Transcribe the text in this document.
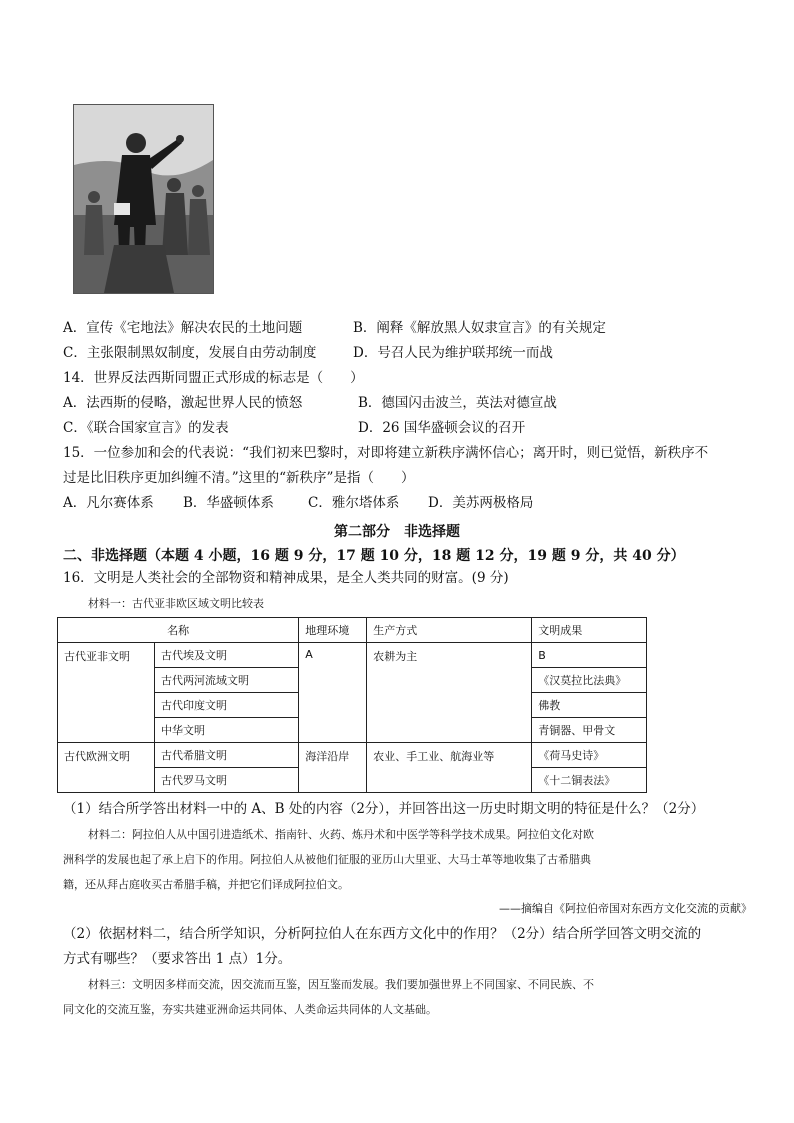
A．宣传《宅地法》解决农民的土地问题	B．阐释《解放黑人奴隶宣言》的有关规定
C．主张限制黑奴制度，发展自由劳动制度	D．号召人民为维护联邦统一而战
14．世界反法西斯同盟正式形成的标志是（　　）
A．法西斯的侵略，激起世界人民的愤怒	B．德国闪击波兰，英法对德宣战
C．《联合国家宣言》的发表	D．26 国华盛顿会议的召开
15．一位参加和会的代表说：“我们初来巴黎时，对即将建立新秩序满怀信心；离开时，则已觉悟，新秩序不
过是比旧秩序更加纠缠不清。”这里的“新秩序”是指（　　）
A．凡尔赛体系 B．华盛顿体系	C．雅尔塔体系 D．美苏两极格局
第二部分　非选择题
二、非选择题（本题 4 小题，16 题 9 分，17 题 10 分，18 题 12 分，19 题 9 分，共 40 分）
16．文明是人类社会的全部物资和精神成果，是全人类共同的财富。(9 分)
材料一：古代亚非欧区域文明比较表
名称		地理环境	生产方式	文明成果
古代亚非文明	古代埃及文明	A	农耕为主	B
	古代两河流域文明			《汉莫拉比法典》
	古代印度文明			佛教
	中华文明			青铜器、甲骨文
古代欧洲文明	古代希腊文明	海洋沿岸	农业、手工业、航海业等	《荷马史诗》
	古代罗马文明			《十二铜表法》
（1）结合所学答出材料一中的 A、B 处的内容（2分），并回答出这一历史时期文明的特征是什么？（2分）
材料二：阿拉伯人从中国引进造纸术、指南针、火药、炼丹术和中医学等科学技术成果。阿拉伯文化对欧
洲科学的发展也起了承上启下的作用。阿拉伯人从被他们征服的亚历山大里亚、大马士革等地收集了古希腊典
籍，还从拜占庭收买古希腊手稿，并把它们译成阿拉伯文。
——摘编自《阿拉伯帝国对东西方文化交流的贡献》
（2）依据材料二，结合所学知识，分析阿拉伯人在东西方文化中的作用？（2分）结合所学回答文明交流的
方式有哪些？（要求答出 1 点）1分。
材料三：文明因多样而交流，因交流而互鉴，因互鉴而发展。我们要加强世界上不同国家、不同民族、不
同文化的交流互鉴，夯实共建亚洲命运共同体、人类命运共同体的人文基础。
